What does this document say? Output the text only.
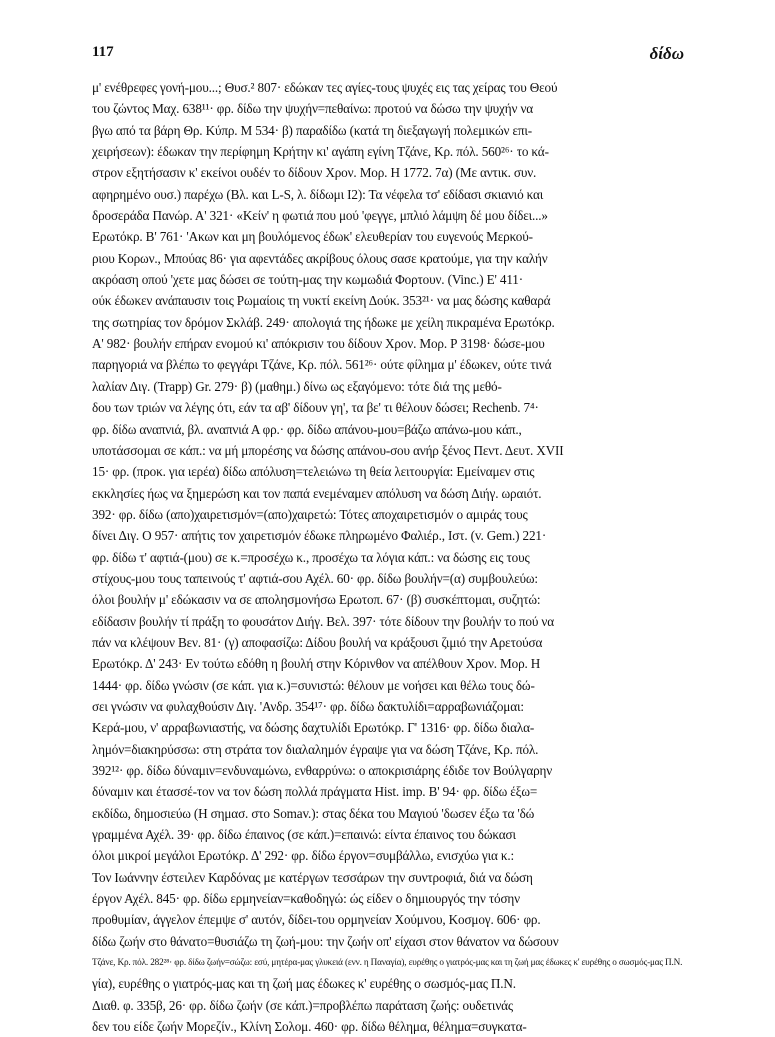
117	δίδω
μ' ενέθρεφες γονή-μου...; Θυσ.² 807· εδώκαν τες αγίες-τους ψυχές εις τας χείρας του Θεού
του ζώντος Μαχ. 638¹¹· φρ. δίδω την ψυχήν=πεθαίνω: προτού να δώσω την ψυχήν να
βγω από τα βάρη Θρ. Κύπρ. Μ 534· β) παραδίδω (κατά τη διεξαγωγή πολεμικών επι-
χειρήσεων): έδωκαν την περίφημη Κρήτην κι' αγάπη εγίνη Τζάνε, Κρ. πόλ. 560²⁶· το κά-
στρον εξητήσασιν κ' εκείνοι ουδέν το δίδουν Χρον. Μορ. Η 1772. 7α) (Με αντικ. συν.
αφηρημένο ουσ.) παρέχω (Βλ. και L-S, λ. δίδωμι I2): Τα νέφελα τσ' εδίδασι σκιανιό και
δροσεράδα Πανώρ. Α' 321· «Κείν' η φωτιά που μού 'φεγγε, μπλιό λάμψη δέ μου δίδει...»
Ερωτόκρ. Β' 761· 'Ακων και μη βουλόμενος έδωκ' ελευθερίαν του ευγενούς Μερκού-
ριου Κορων., Μπούας 86· για αφεντάδες ακρίβους όλους σασε κρατούμε, για την καλήν
ακρόαση οπού 'χετε μας δώσει σε τούτη-μας την κωμωδιά Φορτουν. (Vinc.) Ε' 411·
ούκ έδωκεν ανάπαυσιν τοις Ρωμαίοις τη νυκτί εκείνη Δούκ. 353²¹· να μας δώσης καθαρά
της σωτηρίας τον δρόμον Σκλάβ. 249· απολογιά της ήδωκε με χείλη πικραμένα Ερωτόκρ.
Α' 982· βουλήν επήραν ενομού κι' απόκρισιν του δίδουν Χρον. Μορ. Ρ 3198· δώσε-μου
παρηγοριά να βλέπω το φεγγάρι Τζάνε, Κρ. πόλ. 561²⁶· ούτε φίλημα μ' έδωκεν, ούτε τινά
λαλίαν Διγ. (Trapp) Gr. 279· β) (μαθημ.) δίνω ως εξαγόμενο: τότε διά της μεθό-
δου των τριών να λέγης ότι, εάν τα αβ' δίδουν γη', τα βε' τι θέλουν δώσει; Rechenb. 7⁴·
φρ. δίδω αναπνιά, βλ. αναπνιά Α φρ.· φρ. δίδω απάνου-μου=βάζω απάνω-μου κάπ.,
υποτάσσομαι σε κάπ.: να μή μπορέσης να δώσης απάνου-σου ανήρ ξένος Πεντ. Δευτ. XVII
15· φρ. (προκ. για ιερέα) δίδω απόλυση=τελειώνω τη θεία λειτουργία: Εμείναμεν στις
εκκλησίες ήως να ξημερώση και τον παπά ενεμέναμεν απόλυση να δώση Διήγ. ωραιότ.
392· φρ. δίδω (απο)χαιρετισμόν=(απο)χαιρετώ: Τότες αποχαιρετισμόν ο αμιράς τους
δίνει Διγ. Ο 957· απήτις τον χαιρετισμόν έδωκε πληρωμένο Φαλιέρ., Ιστ. (v. Gem.) 221·
φρ. δίδω τ' αφτιά-(μου) σε κ.=προσέχω κ., προσέχω τα λόγια κάπ.: να δώσης εις τους
στίχους-μου τους ταπεινούς τ' αφτιά-σου Αχέλ. 60· φρ. δίδω βουλήν=(α) συμβουλεύω:
όλοι βουλήν μ' εδώκασιν να σε απολησμονήσω Ερωτοπ. 67· (β) συσκέπτομαι, συζητώ:
εδίδασιν βουλήν τί πράξη το φουσάτον Διήγ. Βελ. 397· τότε δίδουν την βουλήν το πού να
πάν να κλέψουν Βεν. 81· (γ) αποφασίζω: Δίδου βουλή να κράξουσι ζιμιό την Αρετούσα
Ερωτόκρ. Δ' 243· Εν τούτω εδόθη η βουλή στην Κόρινθον να απέλθουν Χρον. Μορ. Η
1444· φρ. δίδω γνώσιν (σε κάπ. για κ.)=συνιστώ: θέλουν με νοήσει και θέλω τους δώ-
σει γνώσιν να φυλαχθούσιν Διγ. 'Ανδρ. 354¹⁷· φρ. δίδω δακτυλίδι=αρραβωνιάζομαι:
Κερά-μου, ν' αρραβωνιαστής, να δώσης δαχτυλίδι Ερωτόκρ. Γ' 1316· φρ. δίδω διαλα-
λημόν=διακηρύσσω: στη στράτα τον διαλαλημόν έγραψε για να δώση Τζάνε, Κρ. πόλ.
392¹²· φρ. δίδω δύναμιν=ενδυναμώνω, ενθαρρύνω: ο αποκρισιάρης έδιδε τον Βούλγαρην
δύναμιν και έτασσέ-τον να τον δώση πολλά πράγματα Hist. imp. Β' 94· φρ. δίδω έξω=
εκδίδω, δημοσιεύω (Η σημασ. στο Somav.): στας δέκα του Μαγιού 'δωσεν έξω τα 'δώ
γραμμένα Αχέλ. 39· φρ. δίδω έπαινος (σε κάπ.)=επαινώ: είντα έπαινος του δώκασι
όλοι μικροί μεγάλοι Ερωτόκρ. Δ' 292· φρ. δίδω έργον=συμβάλλω, ενισχύω για κ.:
Τον Ιωάννην έστειλεν Καρδόνας με κατέργων τεσσάρων την συντροφιά, διά να δώση
έργον Αχέλ. 845· φρ. δίδω ερμηνείαν=καθοδηγώ: ώς είδεν ο δημιουργός την τόσην
προθυμίαν, άγγελον έπεμψε σ' αυτόν, δίδει-του ορμηνείαν Χούμνου, Κοσμογ. 606· φρ.
δίδω ζωήν στο θάνατο=θυσιάζω τη ζωή-μου: την ζωήν οπ' είχασι στον θάνατον να δώσουν
Τζάνε, Κρ. πόλ. 282²⁸· φρ. δίδω ζωήν=σώζω: εσύ, μητέρα-μας γλυκειά (ενν. η Παναγία), ευρέθης ο γιατρός-μας και τη ζωή μας έδωκες κ' ευρέθης ο σωσμός-μας Π.Ν.
γία), ευρέθης ο γιατρός-μας και τη ζωή μας έδωκες κ' ευρέθης ο σωσμός-μας Π.Ν.
Διαθ. φ. 335β, 26· φρ. δίδω ζωήν (σε κάπ.)=προβλέπω παράταση ζωής: ουδετινάς
δεν του είδε ζωήν Μορεζίν., Κλίνη Σολομ. 460· φρ. δίδω θέλημα, θέλημα=συγκατα-
